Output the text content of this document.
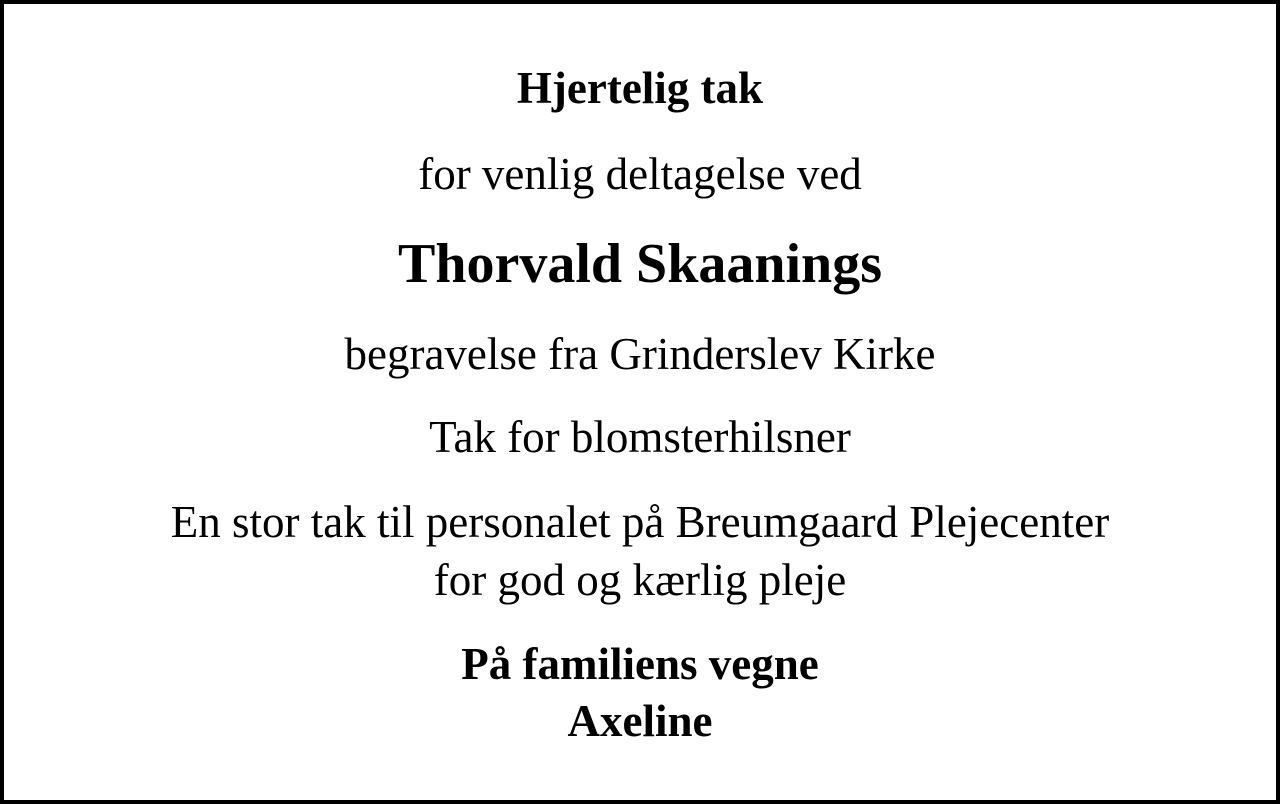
Hjertelig tak
for venlig deltagelse ved
Thorvald Skaanings
begravelse fra Grinderslev Kirke
Tak for blomsterhilsner
En stor tak til personalet på Breumgaard Plejecenter
for god og kærlig pleje
På familiens vegne
Axeline
